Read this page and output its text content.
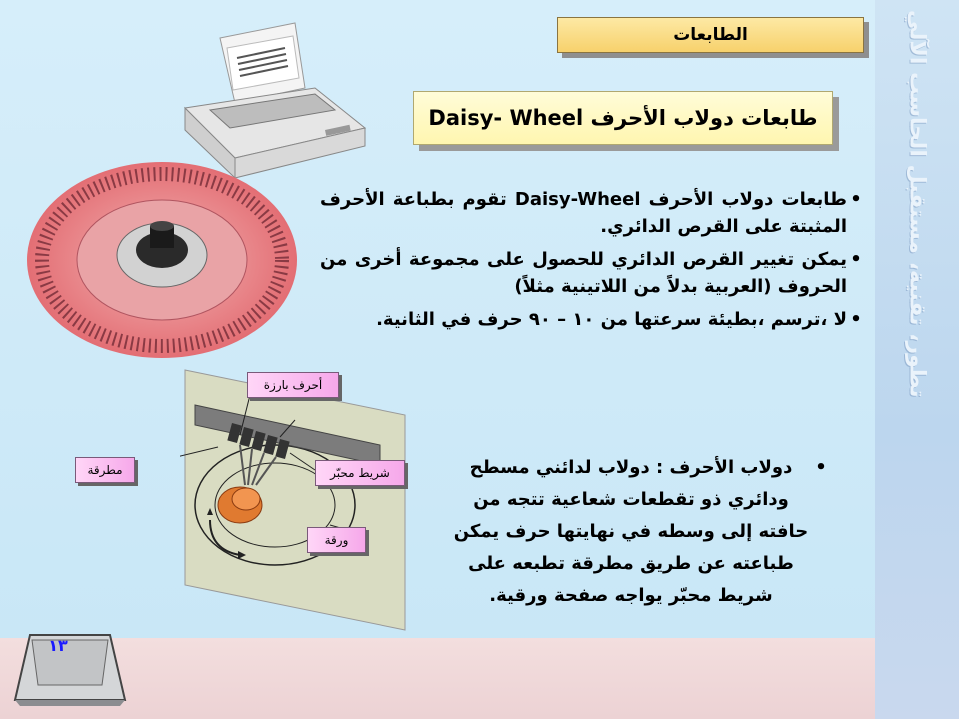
تطور، تقنية، مستقبل الحاسب الآلي
الطابعات
طابعات دولاب الأحرف Daisy- Wheel
•
طابعات دولاب الأحرف Daisy-Wheel تقوم بطباعة الأحرف المثبتة على القرص الدائري.
•
يمكن تغيير القرص الدائري للحصول على مجموعة أخرى من الحروف (العربية بدلاً من اللاتينية مثلاً)
•
لا ،ترسم ،بطيئة سرعتها من ١٠ – ٩٠ حرف في الثانية.
أحرف بارزة
مطرقة	شريط محبّر
ورقة
•
دولاب الأحرف : دولاب لدائني مسطح ودائري ذو تقطعات شعاعية تتجه من حافته إلى وسطه في نهايتها حرف يمكن طباعته عن طريق مطرقة تطبعه على شريط محبّر يواجه صفحة ورقية.
١٣
